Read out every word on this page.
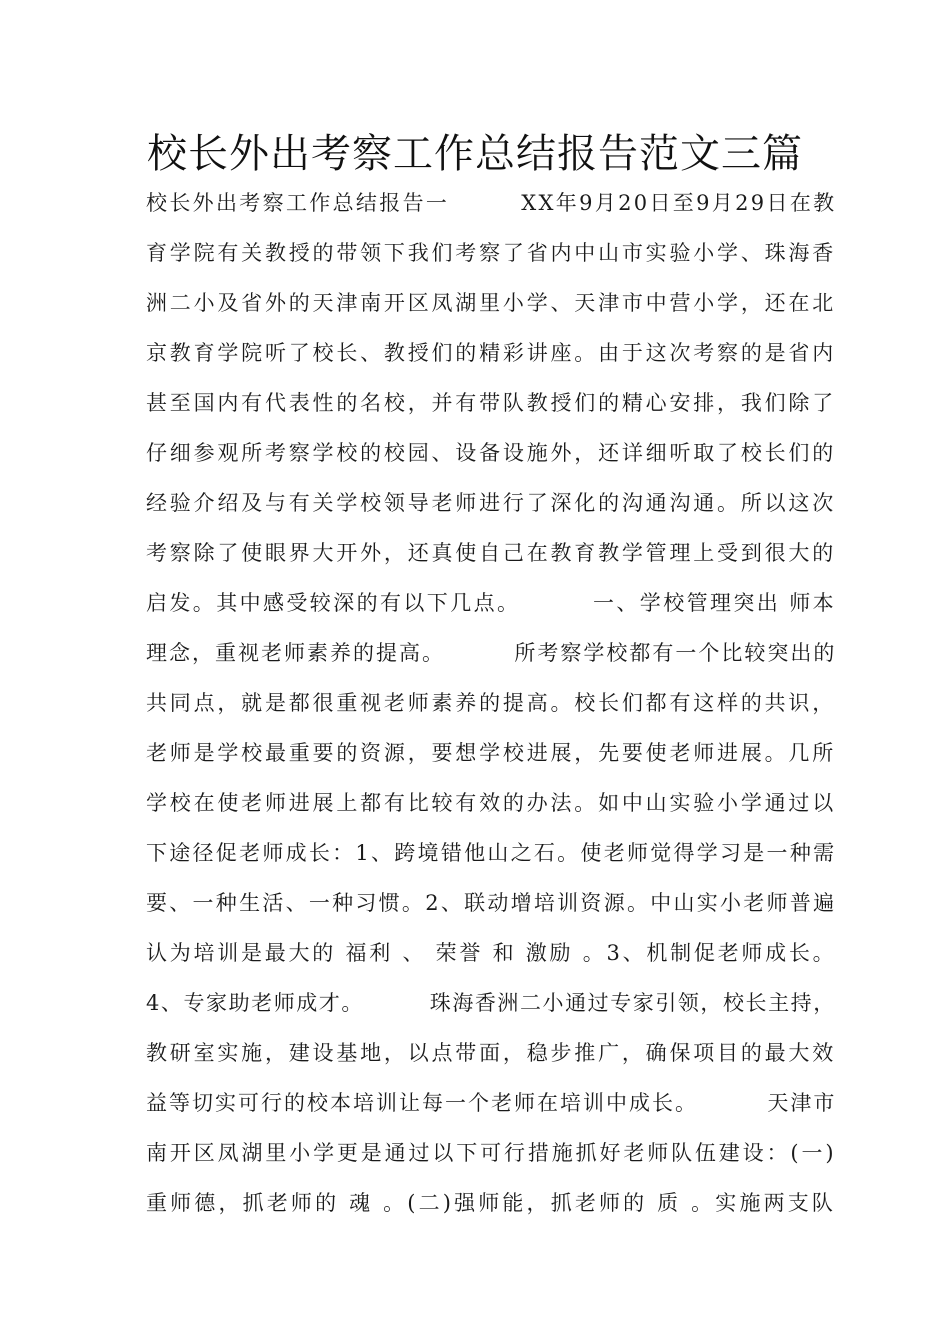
校长外出考察工作总结报告范文三篇
校长外出考察工作总结报告一        XX年9月20日至9月29日在教
育学院有关教授的带领下我们考察了省内中山市实验小学、珠海香
洲二小及省外的天津南开区凤湖里小学、天津市中营小学，还在北
京教育学院听了校长、教授们的精彩讲座。由于这次考察的是省内
甚至国内有代表性的名校，并有带队教授们的精心安排，我们除了
仔细参观所考察学校的校园、设备设施外，还详细听取了校长们的
经验介绍及与有关学校领导老师进行了深化的沟通沟通。所以这次
考察除了使眼界大开外，还真使自己在教育教学管理上受到很大的
启发。其中感受较深的有以下几点。        一、学校管理突出 师本
理念，重视老师素养的提高。        所考察学校都有一个比较突出的
共同点，就是都很重视老师素养的提高。校长们都有这样的共识，
老师是学校最重要的资源，要想学校进展，先要使老师进展。几所
学校在使老师进展上都有比较有效的办法。如中山实验小学通过以
下途径促老师成长：1、跨境错他山之石。使老师觉得学习是一种需
要、一种生活、一种习惯。2、联动增培训资源。中山实小老师普遍
认为培训是最大的 福利 、 荣誉 和 激励 。3、机制促老师成长。
4、专家助老师成才。        珠海香洲二小通过专家引领，校长主持，
教研室实施，建设基地，以点带面，稳步推广，确保项目的最大效
益等切实可行的校本培训让每一个老师在培训中成长。        天津市
南开区凤湖里小学更是通过以下可行措施抓好老师队伍建设：(一)
重师德，抓老师的 魂 。(二)强师能，抓老师的 质 。实施两支队
